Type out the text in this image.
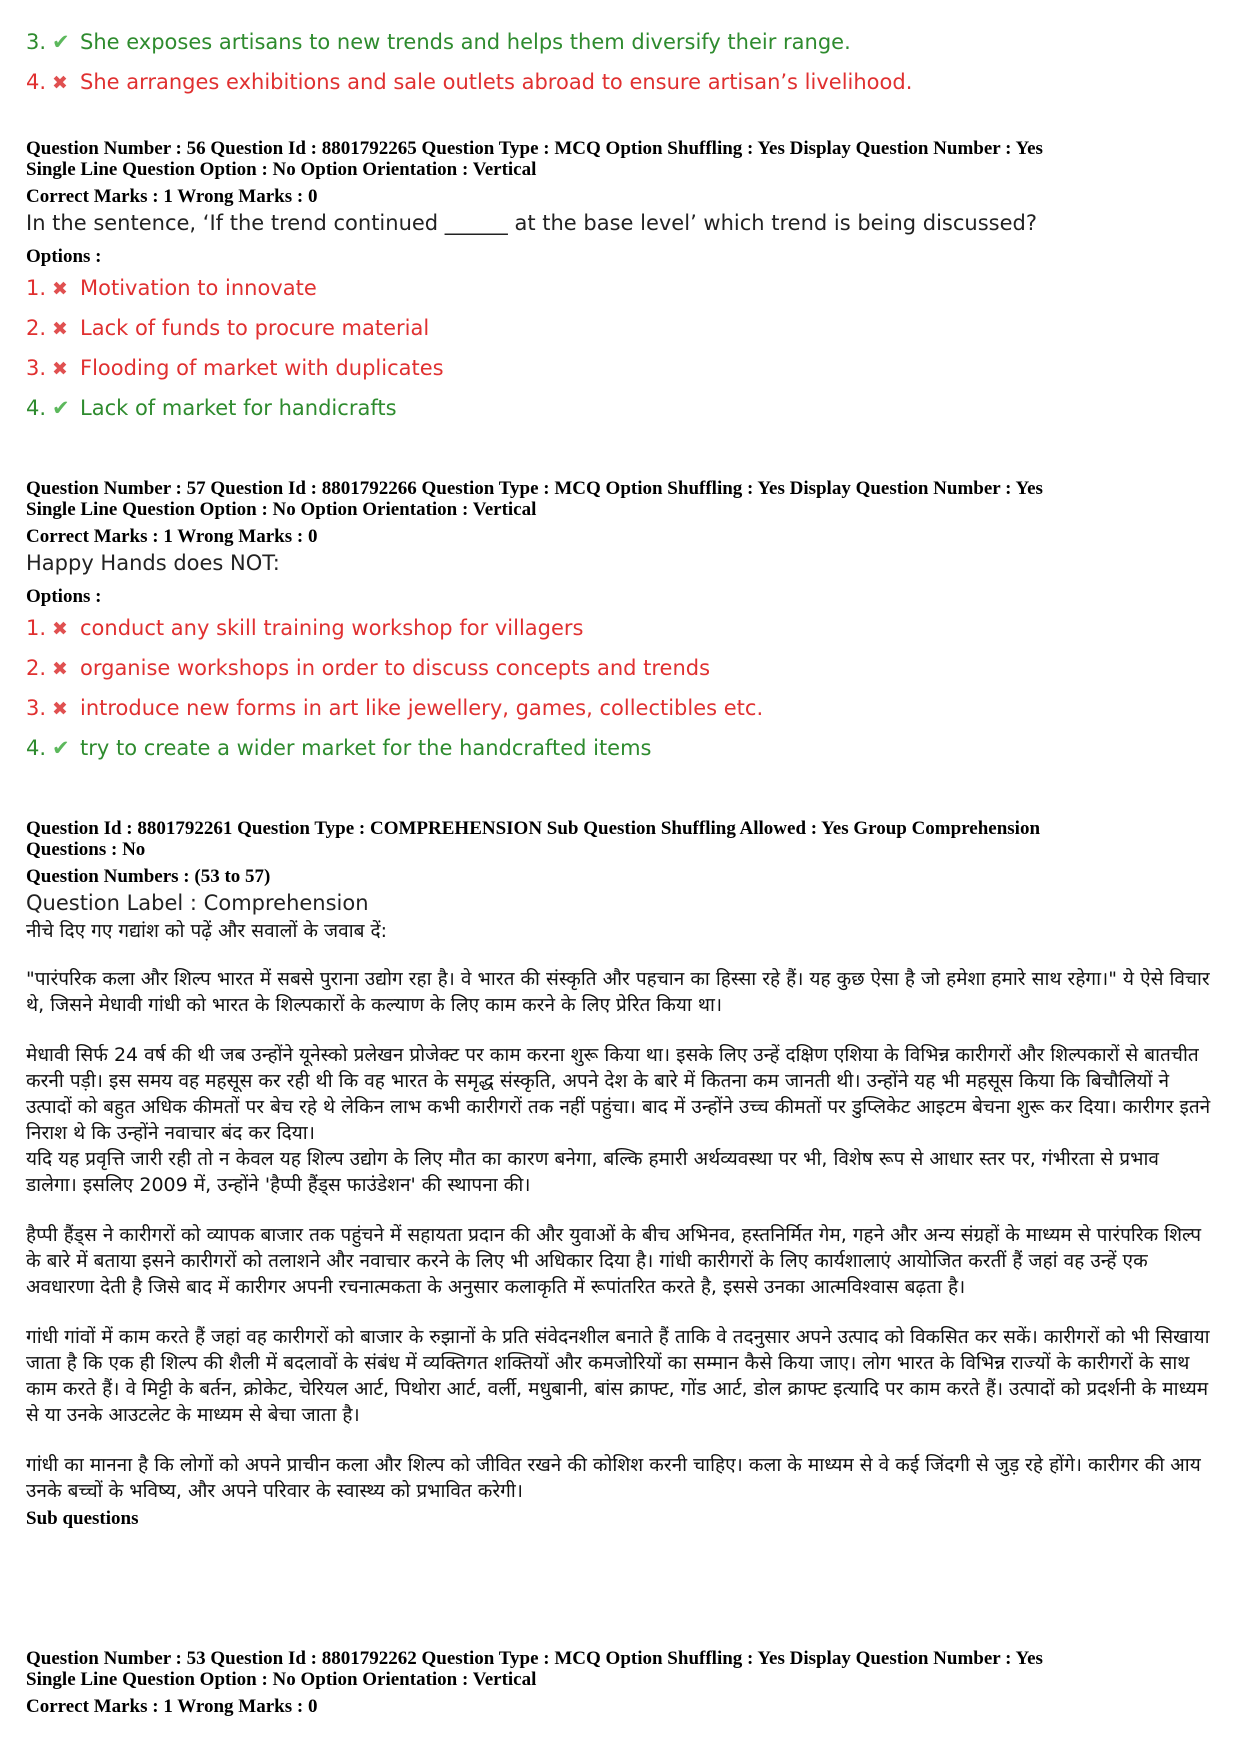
3. ✔ She exposes artisans to new trends and helps them diversify their range.
4. ✖ She arranges exhibitions and sale outlets abroad to ensure artisan’s livelihood.
Question Number : 56 Question Id : 8801792265 Question Type : MCQ Option Shuffling : Yes Display Question Number : Yes
Single Line Question Option : No Option Orientation : Vertical
Correct Marks : 1 Wrong Marks : 0
In the sentence, ‘If the trend continued ______ at the base level’ which trend is being discussed?
Options :
1. ✖ Motivation to innovate
2. ✖ Lack of funds to procure material
3. ✖ Flooding of market with duplicates
4. ✔ Lack of market for handicrafts
Question Number : 57 Question Id : 8801792266 Question Type : MCQ Option Shuffling : Yes Display Question Number : Yes
Single Line Question Option : No Option Orientation : Vertical
Correct Marks : 1 Wrong Marks : 0
Happy Hands does NOT:
Options :
1. ✖ conduct any skill training workshop for villagers
2. ✖ organise workshops in order to discuss concepts and trends
3. ✖ introduce new forms in art like jewellery, games, collectibles etc.
4. ✔ try to create a wider market for the handcrafted items
Question Id : 8801792261 Question Type : COMPREHENSION Sub Question Shuffling Allowed : Yes Group Comprehension
Questions : No
Question Numbers : (53 to 57)
Question Label : Comprehension
नीचे दिए गए गद्यांश को पढ़ें और सवालों के जवाब दें:

"पारंपरिक कला और शिल्प भारत में सबसे पुराना उद्योग रहा है। वे भारत की संस्कृति और पहचान का हिस्सा रहे हैं। यह कुछ ऐसा है जो हमेशा हमारे साथ रहेगा।" ये ऐसे विचार थे, जिसने मेधावी गांधी को भारत के शिल्पकारों के कल्याण के लिए काम करने के लिए प्रेरित किया था।

मेधावी सिर्फ 24 वर्ष की थी जब उन्होंने यूनेस्को प्रलेखन प्रोजेक्ट पर काम करना शुरू किया था। इसके लिए उन्हें दक्षिण एशिया के विभिन्न कारीगरों और शिल्पकारों से बातचीत करनी पड़ी। इस समय वह महसूस कर रही थी कि वह भारत के समृद्ध संस्कृति, अपने देश के बारे में कितना कम जानती थी। उन्होंने यह भी महसूस किया कि बिचौलियों ने उत्पादों को बहुत अधिक कीमतों पर बेच रहे थे लेकिन लाभ कभी कारीगरों तक नहीं पहुंचा। बाद में उन्होंने उच्च कीमतों पर डुप्लिकेट आइटम बेचना शुरू कर दिया। कारीगर इतने निराश थे कि उन्होंने नवाचार बंद कर दिया।

यदि यह प्रवृत्ति जारी रही तो न केवल यह शिल्प उद्योग के लिए मौत का कारण बनेगा, बल्कि हमारी अर्थव्यवस्था पर भी, विशेष रूप से आधार स्तर पर, गंभीरता से प्रभाव डालेगा। इसलिए 2009 में, उन्होंने 'हैप्पी हैंड्स फाउंडेशन' की स्थापना की।

हैप्पी हैंड्स ने कारीगरों को व्यापक बाजार तक पहुंचने में सहायता प्रदान की और युवाओं के बीच अभिनव, हस्तनिर्मित गेम, गहने और अन्य संग्रहों के माध्यम से पारंपरिक शिल्प के बारे में बताया इसने कारीगरों को तलाशने और नवाचार करने के लिए भी अधिकार दिया है। गांधी कारीगरों के लिए कार्यशालाएं आयोजित करतीं हैं जहां वह उन्हें एक अवधारणा देती है जिसे बाद में कारीगर अपनी रचनात्मकता के अनुसार कलाकृति में रूपांतरित करते है, इससे उनका आत्मविश्वास बढ़ता है।

गांधी गांवों में काम करते हैं जहां वह कारीगरों को बाजार के रुझानों के प्रति संवेदनशील बनाते हैं ताकि वे तदनुसार अपने उत्पाद को विकसित कर सकें। कारीगरों को भी सिखाया जाता है कि एक ही शिल्प की शैली में बदलावों के संबंध में व्यक्तिगत शक्तियों और कमजोरियों का सम्मान कैसे किया जाए। लोग भारत के विभिन्न राज्यों के कारीगरों के साथ काम करते हैं। वे मिट्टी के बर्तन, क्रोकेट, चेरियल आर्ट, पिथोरा आर्ट, वर्ली, मधुबानी, बांस क्राफ्ट, गोंड आर्ट, डोल क्राफ्ट इत्यादि पर काम करते हैं। उत्पादों को प्रदर्शनी के माध्यम से या उनके आउटलेट के माध्यम से बेचा जाता है।

गांधी का मानना है कि लोगों को अपने प्राचीन कला और शिल्प को जीवित रखने की कोशिश करनी चाहिए। कला के माध्यम से वे कई जिंदगी से जुड़ रहे होंगे। कारीगर की आय उनके बच्चों के भविष्य, और अपने परिवार के स्वास्थ्य को प्रभावित करेगी।

Sub questions
Question Number : 53 Question Id : 8801792262 Question Type : MCQ Option Shuffling : Yes Display Question Number : Yes
Single Line Question Option : No Option Orientation : Vertical
Correct Marks : 1 Wrong Marks : 0
